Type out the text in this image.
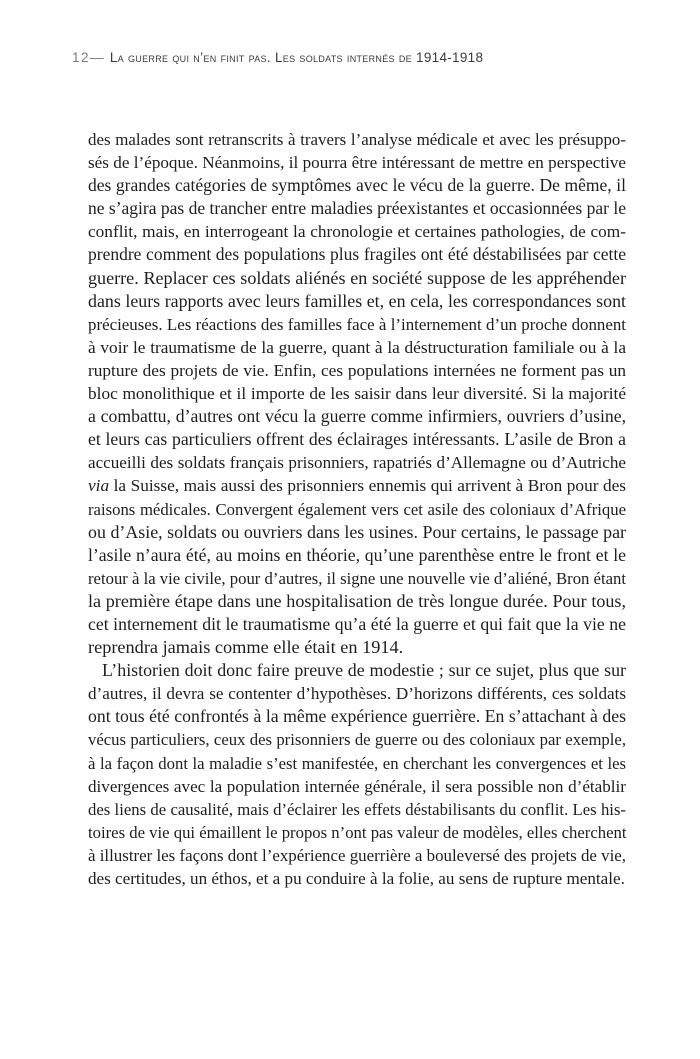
12— La guerre qui n’en finit pas. Les soldats internés de 1914-1918
des malades sont retranscrits à travers l’analyse médicale et avec les présuppo-
sés de l’époque. Néanmoins, il pourra être intéressant de mettre en perspective
des grandes catégories de symptômes avec le vécu de la guerre. De même, il
ne s’agira pas de trancher entre maladies préexistantes et occasionnées par le
conflit, mais, en interrogeant la chronologie et certaines pathologies, de com-
prendre comment des populations plus fragiles ont été déstabilisées par cette
guerre. Replacer ces soldats aliénés en société suppose de les appréhender
dans leurs rapports avec leurs familles et, en cela, les correspondances sont
précieuses. Les réactions des familles face à l’internement d’un proche donnent
à voir le traumatisme de la guerre, quant à la déstructuration familiale ou à la
rupture des projets de vie. Enfin, ces populations internées ne forment pas un
bloc monolithique et il importe de les saisir dans leur diversité. Si la majorité
a combattu, d’autres ont vécu la guerre comme infirmiers, ouvriers d’usine,
et leurs cas particuliers offrent des éclairages intéressants. L’asile de Bron a
accueilli des soldats français prisonniers, rapatriés d’Allemagne ou d’Autriche
via la Suisse, mais aussi des prisonniers ennemis qui arrivent à Bron pour des
raisons médicales. Convergent également vers cet asile des coloniaux d’Afrique
ou d’Asie, soldats ou ouvriers dans les usines. Pour certains, le passage par
l’asile n’aura été, au moins en théorie, qu’une parenthèse entre le front et le
retour à la vie civile, pour d’autres, il signe une nouvelle vie d’aliéné, Bron étant
la première étape dans une hospitalisation de très longue durée. Pour tous,
cet internement dit le traumatisme qu’a été la guerre et qui fait que la vie ne
reprendra jamais comme elle était en 1914.
L’historien doit donc faire preuve de modestie ; sur ce sujet, plus que sur
d’autres, il devra se contenter d’hypothèses. D’horizons différents, ces soldats
ont tous été confrontés à la même expérience guerrière. En s’attachant à des
vécus particuliers, ceux des prisonniers de guerre ou des coloniaux par exemple,
à la façon dont la maladie s’est manifestée, en cherchant les convergences et les
divergences avec la population internée générale, il sera possible non d’établir
des liens de causalité, mais d’éclairer les effets déstabilisants du conflit. Les his-
toires de vie qui émaillent le propos n’ont pas valeur de modèles, elles cherchent
à illustrer les façons dont l’expérience guerrière a bouleversé des projets de vie,
des certitudes, un éthos, et a pu conduire à la folie, au sens de rupture mentale.
